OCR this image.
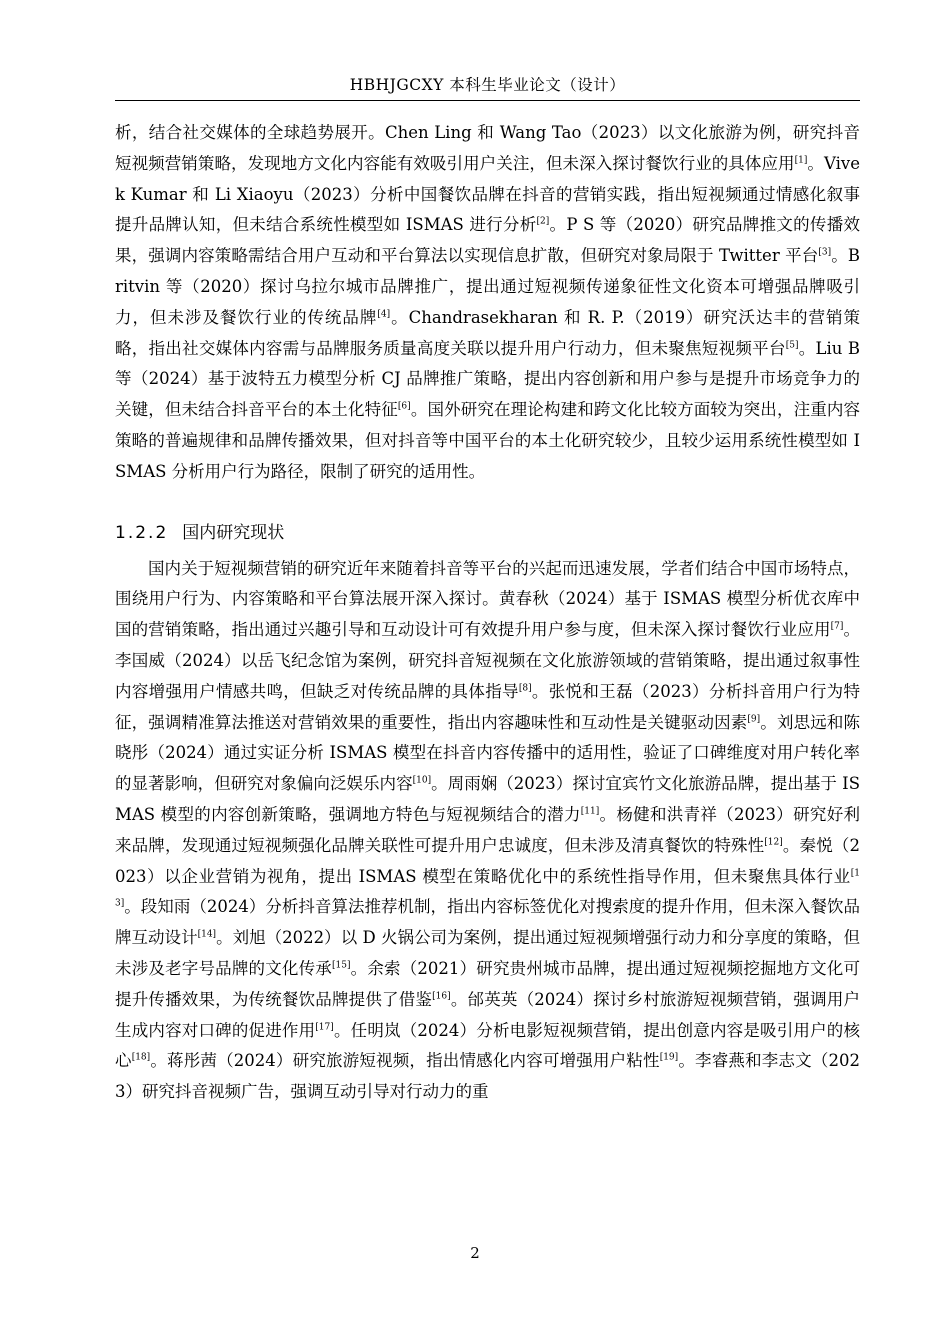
HBHJGCXY 本科生毕业论文（设计）

析，结合社交媒体的全球趋势展开。Chen Ling 和 Wang Tao（2023）以文化旅游为例，研究抖音短视频营销策略，发现地方文化内容能有效吸引用户关注，但未深入探讨餐饮行业的具体应用[1]。Vivek Kumar 和 Li Xiaoyu（2023）分析中国餐饮品牌在抖音的营销实践，指出短视频通过情感化叙事提升品牌认知，但未结合系统性模型如 ISMAS 进行分析[2]。P S 等（2020）研究品牌推文的传播效果，强调内容策略需结合用户互动和平台算法以实现信息扩散，但研究对象局限于 Twitter 平台[3]。Britvin 等（2020）探讨乌拉尔城市品牌推广，提出通过短视频传递象征性文化资本可增强品牌吸引力，但未涉及餐饮行业的传统品牌[4]。Chandrasekharan 和 R. P.（2019）研究沃达丰的营销策略，指出社交媒体内容需与品牌服务质量高度关联以提升用户行动力，但未聚焦短视频平台[5]。Liu B 等（2024）基于波特五力模型分析 CJ 品牌推广策略，提出内容创新和用户参与是提升市场竞争力的关键，但未结合抖音平台的本土化特征[6]。国外研究在理论构建和跨文化比较方面较为突出，注重内容策略的普遍规律和品牌传播效果，但对抖音等中国平台的本土化研究较少，且较少运用系统性模型如 ISMAS 分析用户行为路径，限制了研究的适用性。

1.2.2 国内研究现状

国内关于短视频营销的研究近年来随着抖音等平台的兴起而迅速发展，学者们结合中国市场特点，围绕用户行为、内容策略和平台算法展开深入探讨。黄春秋（2024）基于 ISMAS 模型分析优衣库中国的营销策略，指出通过兴趣引导和互动设计可有效提升用户参与度，但未深入探讨餐饮行业应用[7]。李国威（2024）以岳飞纪念馆为案例，研究抖音短视频在文化旅游领域的营销策略，提出通过叙事性内容增强用户情感共鸣，但缺乏对传统品牌的具体指导[8]。张悦和王磊（2023）分析抖音用户行为特征，强调精准算法推送对营销效果的重要性，指出内容趣味性和互动性是关键驱动因素[9]。刘思远和陈晓彤（2024）通过实证分析 ISMAS 模型在抖音内容传播中的适用性，验证了口碑维度对用户转化率的显著影响，但研究对象偏向泛娱乐内容[10]。周雨娴（2023）探讨宜宾竹文化旅游品牌，提出基于 ISMAS 模型的内容创新策略，强调地方特色与短视频结合的潜力[11]。杨健和洪青祥（2023）研究好利来品牌，发现通过短视频强化品牌关联性可提升用户忠诚度，但未涉及清真餐饮的特殊性[12]。秦悦（2023）以企业营销为视角，提出 ISMAS 模型在策略优化中的系统性指导作用，但未聚焦具体行业[13]。段知雨（2024）分析抖音算法推荐机制，指出内容标签优化对搜索度的提升作用，但未深入餐饮品牌互动设计[14]。刘旭（2022）以 D 火锅公司为案例，提出通过短视频增强行动力和分享度的策略，但未涉及老字号品牌的文化传承[15]。余索（2021）研究贵州城市品牌，提出通过短视频挖掘地方文化可提升传播效果，为传统餐饮品牌提供了借鉴[16]。邰英英（2024）探讨乡村旅游短视频营销，强调用户生成内容对口碑的促进作用[17]。任明岚（2024）分析电影短视频营销，提出创意内容是吸引用户的核心[18]。蒋彤茜（2024）研究旅游短视频，指出情感化内容可增强用户粘性[19]。李睿燕和李志文（2023）研究抖音视频广告，强调互动引导对行动力的重

2
